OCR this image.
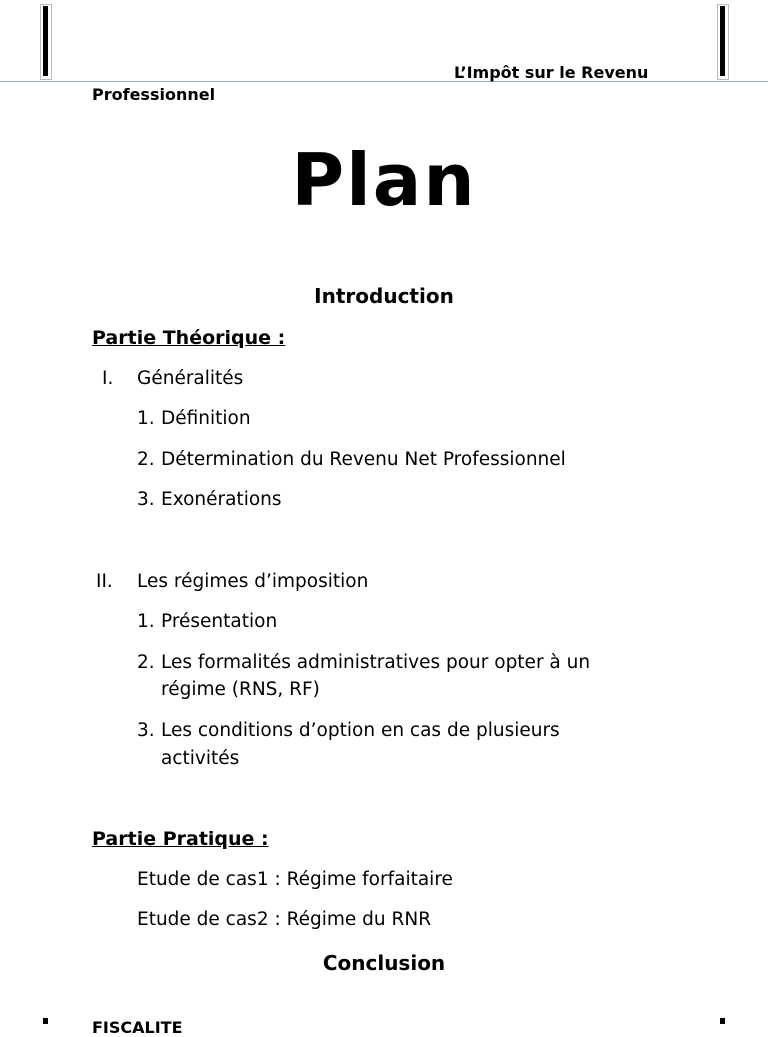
L’Impôt sur le Revenu
Professionnel
Plan
Introduction
Partie Théorique :
I. Généralités
1. Définition
2. Détermination du Revenu Net Professionnel
3. Exonérations
II. Les régimes d’imposition
1. Présentation
2. Les formalités administratives pour opter à un
régime (RNS, RF)
3. Les conditions d’option en cas de plusieurs
activités
Partie Pratique :
Etude de cas1 : Régime forfaitaire
Etude de cas2 : Régime du RNR
Conclusion
FISCALITE
